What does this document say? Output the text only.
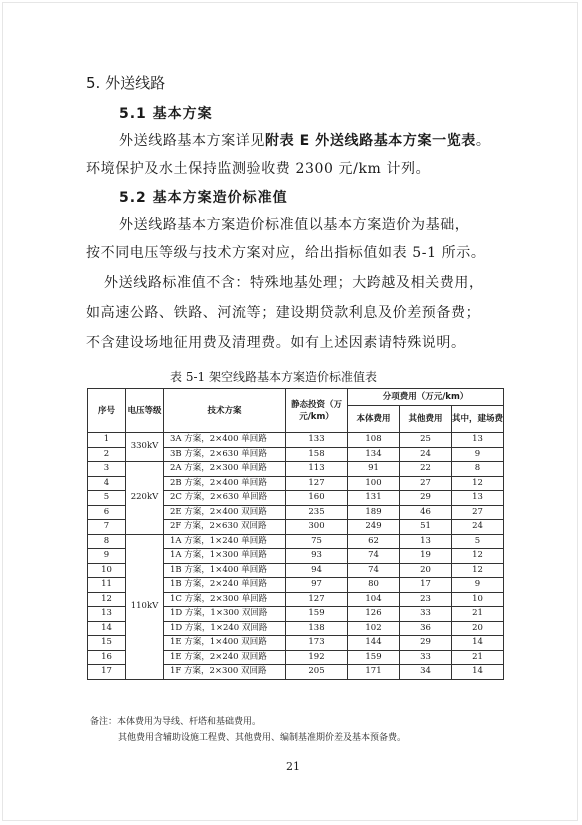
5. 外送线路
5.1 基本方案
外送线路基本方案详见附表 E 外送线路基本方案一览表。
环境保护及水土保持监测验收费 2300 元/km 计列。
5.2 基本方案造价标准值
外送线路基本方案造价标准值以基本方案造价为基础，
按不同电压等级与技术方案对应，给出指标值如表 5-1 所示。
外送线路标准值不含：特殊地基处理；大跨越及相关费用，
如高速公路、铁路、河流等；建设期贷款利息及价差预备费；
不含建设场地征用费及清理费。如有上述因素请特殊说明。
表 5-1 架空线路基本方案造价标准值表
序号	电压等级	技术方案	静态投资（万元/km）	分项费用（万元/km）		
				本体费用	其他费用	其中，建场费
1	330kV	3A 方案，2×400 单回路	133	108	25	13
2		3B 方案，2×630 单回路	158	134	24	9
3	220kV	2A 方案，2×300 单回路	113	91	22	8
4		2B 方案，2×400 单回路	127	100	27	12
5		2C 方案，2×630 单回路	160	131	29	13
6		2E 方案，2×400 双回路	235	189	46	27
7		2F 方案，2×630 双回路	300	249	51	24
8	110kV	1A 方案，1×240 单回路	75	62	13	5
9		1A 方案，1×300 单回路	93	74	19	12
10		1B 方案，1×400 单回路	94	74	20	12
11		1B 方案，2×240 单回路	97	80	17	9
12		1C 方案，2×300 单回路	127	104	23	10
13		1D 方案，1×300 双回路	159	126	33	21
14		1D 方案，1×240 双回路	138	102	36	20
15		1E 方案，1×400 双回路	173	144	29	14
16		1E 方案，2×240 双回路	192	159	33	21
17		1F 方案，2×300 双回路	205	171	34	14
备注：本体费用为导线、杆塔和基础费用。
其他费用含辅助设施工程费、其他费用、编制基准期价差及基本预备费。
21
